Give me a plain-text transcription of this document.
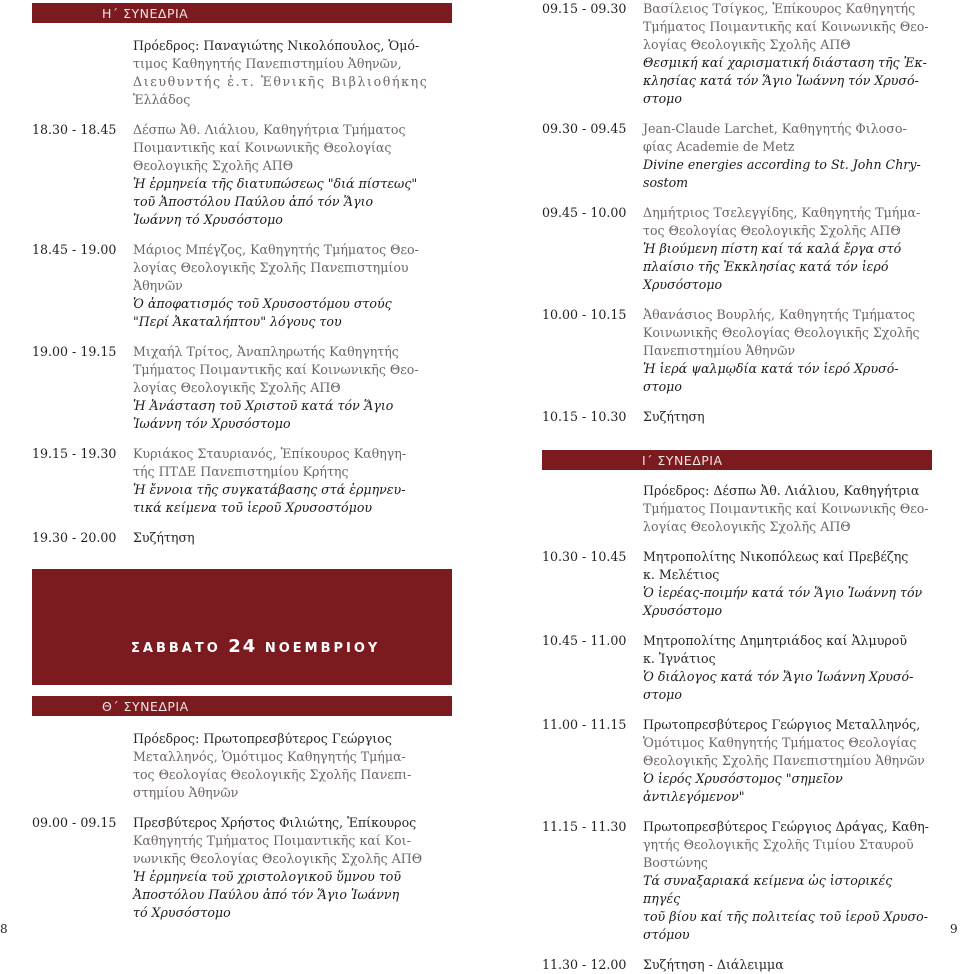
Η΄ ΣΥΝΕΔΡΙΑ
Πρόεδρος: Παναγιώτης Νικολόπουλος, Ὁμό-
τιμος Καθηγητής Πανεπιστημίου Ἀθηνῶν,
Διευθυντής ἐ.τ. Ἐθνικῆς Βιβλιοθήκης
Ἑλλάδος
18.30 - 18.45	Δέσπω Ἀθ. Λιάλιου, Καθηγήτρια Τμήματος
Ποιμαντικῆς καί Κοινωνικῆς Θεολογίας
Θεολογικῆς Σχολῆς ΑΠΘ
Ἡ ἑρμηνεία τῆς διατυπώσεως "διά πίστεως"
τοῦ Ἀποστόλου Παύλου ἀπό τόν Ἅγιο
Ἰωάννη τό Χρυσόστομο
18.45 - 19.00	Μάριος Μπέγζος, Καθηγητής Τμήματος Θεο-
λογίας Θεολογικῆς Σχολῆς Πανεπιστημίου
Ἀθηνῶν
Ὁ ἀποφατισμός τοῦ Χρυσοστόμου στούς
"Περί Ἀκαταλήπτου" λόγους του
19.00 - 19.15	Μιχαήλ Τρίτος, Ἀναπληρωτής Καθηγητής
Τμήματος Ποιμαντικῆς καί Κοινωνικῆς Θεο-
λογίας Θεολογικῆς Σχολῆς ΑΠΘ
Ἡ Ἀνάσταση τοῦ Χριστοῦ κατά τόν Ἅγιο
Ἰωάννη τόν Χρυσόστομο
19.15 - 19.30	Κυριάκος Σταυριανός, Ἐπίκουρος Καθηγη-
τής ΠΤΔΕ Πανεπιστημίου Κρήτης
Ἡ ἔννοια τῆς συγκατάβασης στά ἑρμηνευ-
τικά κείμενα τοῦ ἱεροῦ Χρυσοστόμου
19.30 - 20.00	Συζήτηση
ΣΑΒΒΑΤΟ 24 ΝΟΕΜΒΡΙΟΥ
Θ΄ ΣΥΝΕΔΡΙΑ
Πρόεδρος: Πρωτοπρεσβύτερος Γεώργιος
Μεταλληνός, Ὁμότιμος Καθηγητής Τμήμα-
τος Θεολογίας Θεολογικῆς Σχολῆς Πανεπι-
στημίου Ἀθηνῶν
09.00 - 09.15	Πρεσβύτερος Χρήστος Φιλιώτης, Ἐπίκουρος
Καθηγητής Τμήματος Ποιμαντικῆς καί Κοι-
νωνικῆς Θεολογίας Θεολογικῆς Σχολῆς ΑΠΘ
Ἡ ἑρμηνεία τοῦ χριστολογικοῦ ὕμνου τοῦ
Ἀποστόλου Παύλου ἀπό τόν Ἅγιο Ἰωάννη
τό Χρυσόστομο
8
09.15 - 09.30	Βασίλειος Τσίγκος, Ἐπίκουρος Καθηγητής
Τμήματος Ποιμαντικῆς καί Κοινωνικῆς Θεο-
λογίας Θεολογικῆς Σχολῆς ΑΠΘ
Θεσμική καί χαρισματική διάσταση τῆς Ἐκ-
κλησίας κατά τόν Ἅγιο Ἰωάννη τόν Χρυσό-
στομο
09.30 - 09.45	Jean-Claude Larchet, Καθηγητής Φιλοσο-
φίας Academie de Metz
Divine energies according to St. John Chry-
sostom
09.45 - 10.00	Δημήτριος Τσελεγγίδης, Καθηγητής Τμήμα-
τος Θεολογίας Θεολογικῆς Σχολῆς ΑΠΘ
Ἡ βιούμενη πίστη καί τά καλά ἔργα στό
πλαίσιο τῆς Ἐκκλησίας κατά τόν ἱερό
Χρυσόστομο
10.00 - 10.15	Ἀθανάσιος Βουρλής, Καθηγητής Τμήματος
Κοινωνικῆς Θεολογίας Θεολογικῆς Σχολῆς
Πανεπιστημίου Ἀθηνῶν
Ἡ ἱερά ψαλμῳδία κατά τόν ἱερό Χρυσό-
στομο
10.15 - 10.30	Συζήτηση
Ι΄ ΣΥΝΕΔΡΙΑ
Πρόεδρος: Δέσπω Ἀθ. Λιάλιου, Καθηγήτρια
Τμήματος Ποιμαντικῆς καί Κοινωνικῆς Θεο-
λογίας Θεολογικῆς Σχολῆς ΑΠΘ
10.30 - 10.45	Μητροπολίτης Νικοπόλεως καί Πρεβέζης
κ. Μελέτιος
Ὁ ἱερέας-ποιμήν κατά τόν Ἅγιο Ἰωάννη τόν
Χρυσόστομο
10.45 - 11.00	Μητροπολίτης Δημητριάδος καί Ἁλμυροῦ
κ. Ἰγνάτιος
Ὁ διάλογος κατά τόν Ἅγιο Ἰωάννη Χρυσό-
στομο
11.00 - 11.15	Πρωτοπρεσβύτερος Γεώργιος Μεταλληνός,
Ὁμότιμος Καθηγητής Τμήματος Θεολογίας
Θεολογικῆς Σχολῆς Πανεπιστημίου Ἀθηνῶν
Ὁ ἱερός Χρυσόστομος "σημεῖον ἀντιλεγόμενον"
11.15 - 11.30	Πρωτοπρεσβύτερος Γεώργιος Δράγας, Καθη-
γητής Θεολογικῆς Σχολῆς Τιμίου Σταυροῦ
Βοστώνης
Τά συναξαριακά κείμενα ὡς ἱστορικές πηγές
τοῦ βίου καί τῆς πολιτείας τοῦ ἱεροῦ Χρυσο-
στόμου
11.30 - 12.00	Συζήτηση - Διάλειμμα
9
